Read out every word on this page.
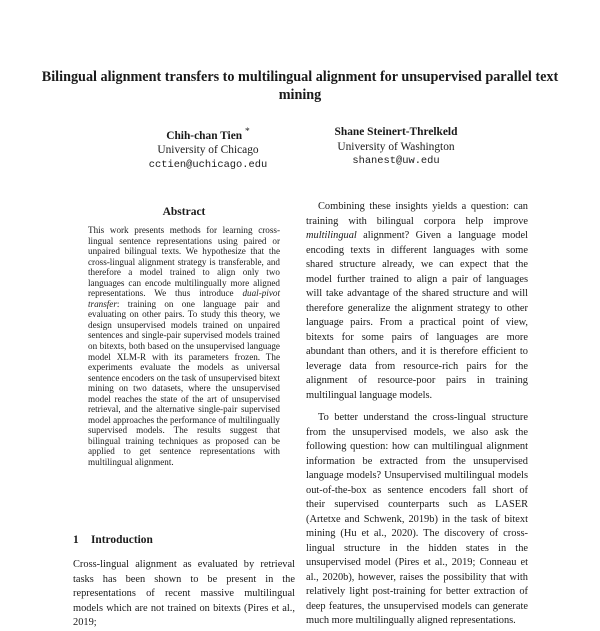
Bilingual alignment transfers to multilingual alignment for unsupervised parallel text mining
Chih-chan Tien *
University of Chicago
cctien@uchicago.edu
Shane Steinert-Threlkeld
University of Washington
shanest@uw.edu
Abstract

This work presents methods for learning cross-lingual sentence representations using paired or unpaired bilingual texts. We hypothesize that the cross-lingual alignment strategy is transferable, and therefore a model trained to align only two languages can encode multilingually more aligned representations. We thus introduce dual-pivot transfer: training on one language pair and evaluating on other pairs. To study this theory, we design unsupervised models trained on unpaired sentences and single-pair supervised models trained on bitexts, both based on the unsupervised language model XLM-R with its parameters frozen. The experiments evaluate the models as universal sentence encoders on the task of unsupervised bitext mining on two datasets, where the unsupervised model reaches the state of the art of unsupervised retrieval, and the alternative single-pair supervised model approaches the performance of multilingually supervised models. The results suggest that bilingual training techniques as proposed can be applied to get sentence representations with multilingual alignment.

1 Introduction

Cross-lingual alignment as evaluated by retrieval tasks has been shown to be present in the representations of recent massive multilingual models which are not trained on bitexts (Pires et al., 2019;

Combining these insights yields a question: can training with bilingual corpora help improve multilingual alignment? Given a language model encoding texts in different languages with some shared structure already, we can expect that the model further trained to align a pair of languages will take advantage of the shared structure and will therefore generalize the alignment strategy to other language pairs. From a practical point of view, bitexts for some pairs of languages are more abundant than others, and it is therefore efficient to leverage data from resource-rich pairs for the alignment of resource-poor pairs in training multilingual language models.

To better understand the cross-lingual structure from the unsupervised models, we also ask the following question: how can multilingual alignment information be extracted from the unsupervised language models? Unsupervised multilingual models out-of-the-box as sentence encoders fall short of their supervised counterparts such as LASER (Artetxe and Schwenk, 2019b) in the task of bitext mining (Hu et al., 2020). The discovery of cross-lingual structure in the hidden states in the unsupervised model (Pires et al., 2019; Conneau et al., 2020b), however, raises the possibility that with relatively light post-training for better extraction of deep features, the unsupervised models can generate much more multilingually aligned representations.
